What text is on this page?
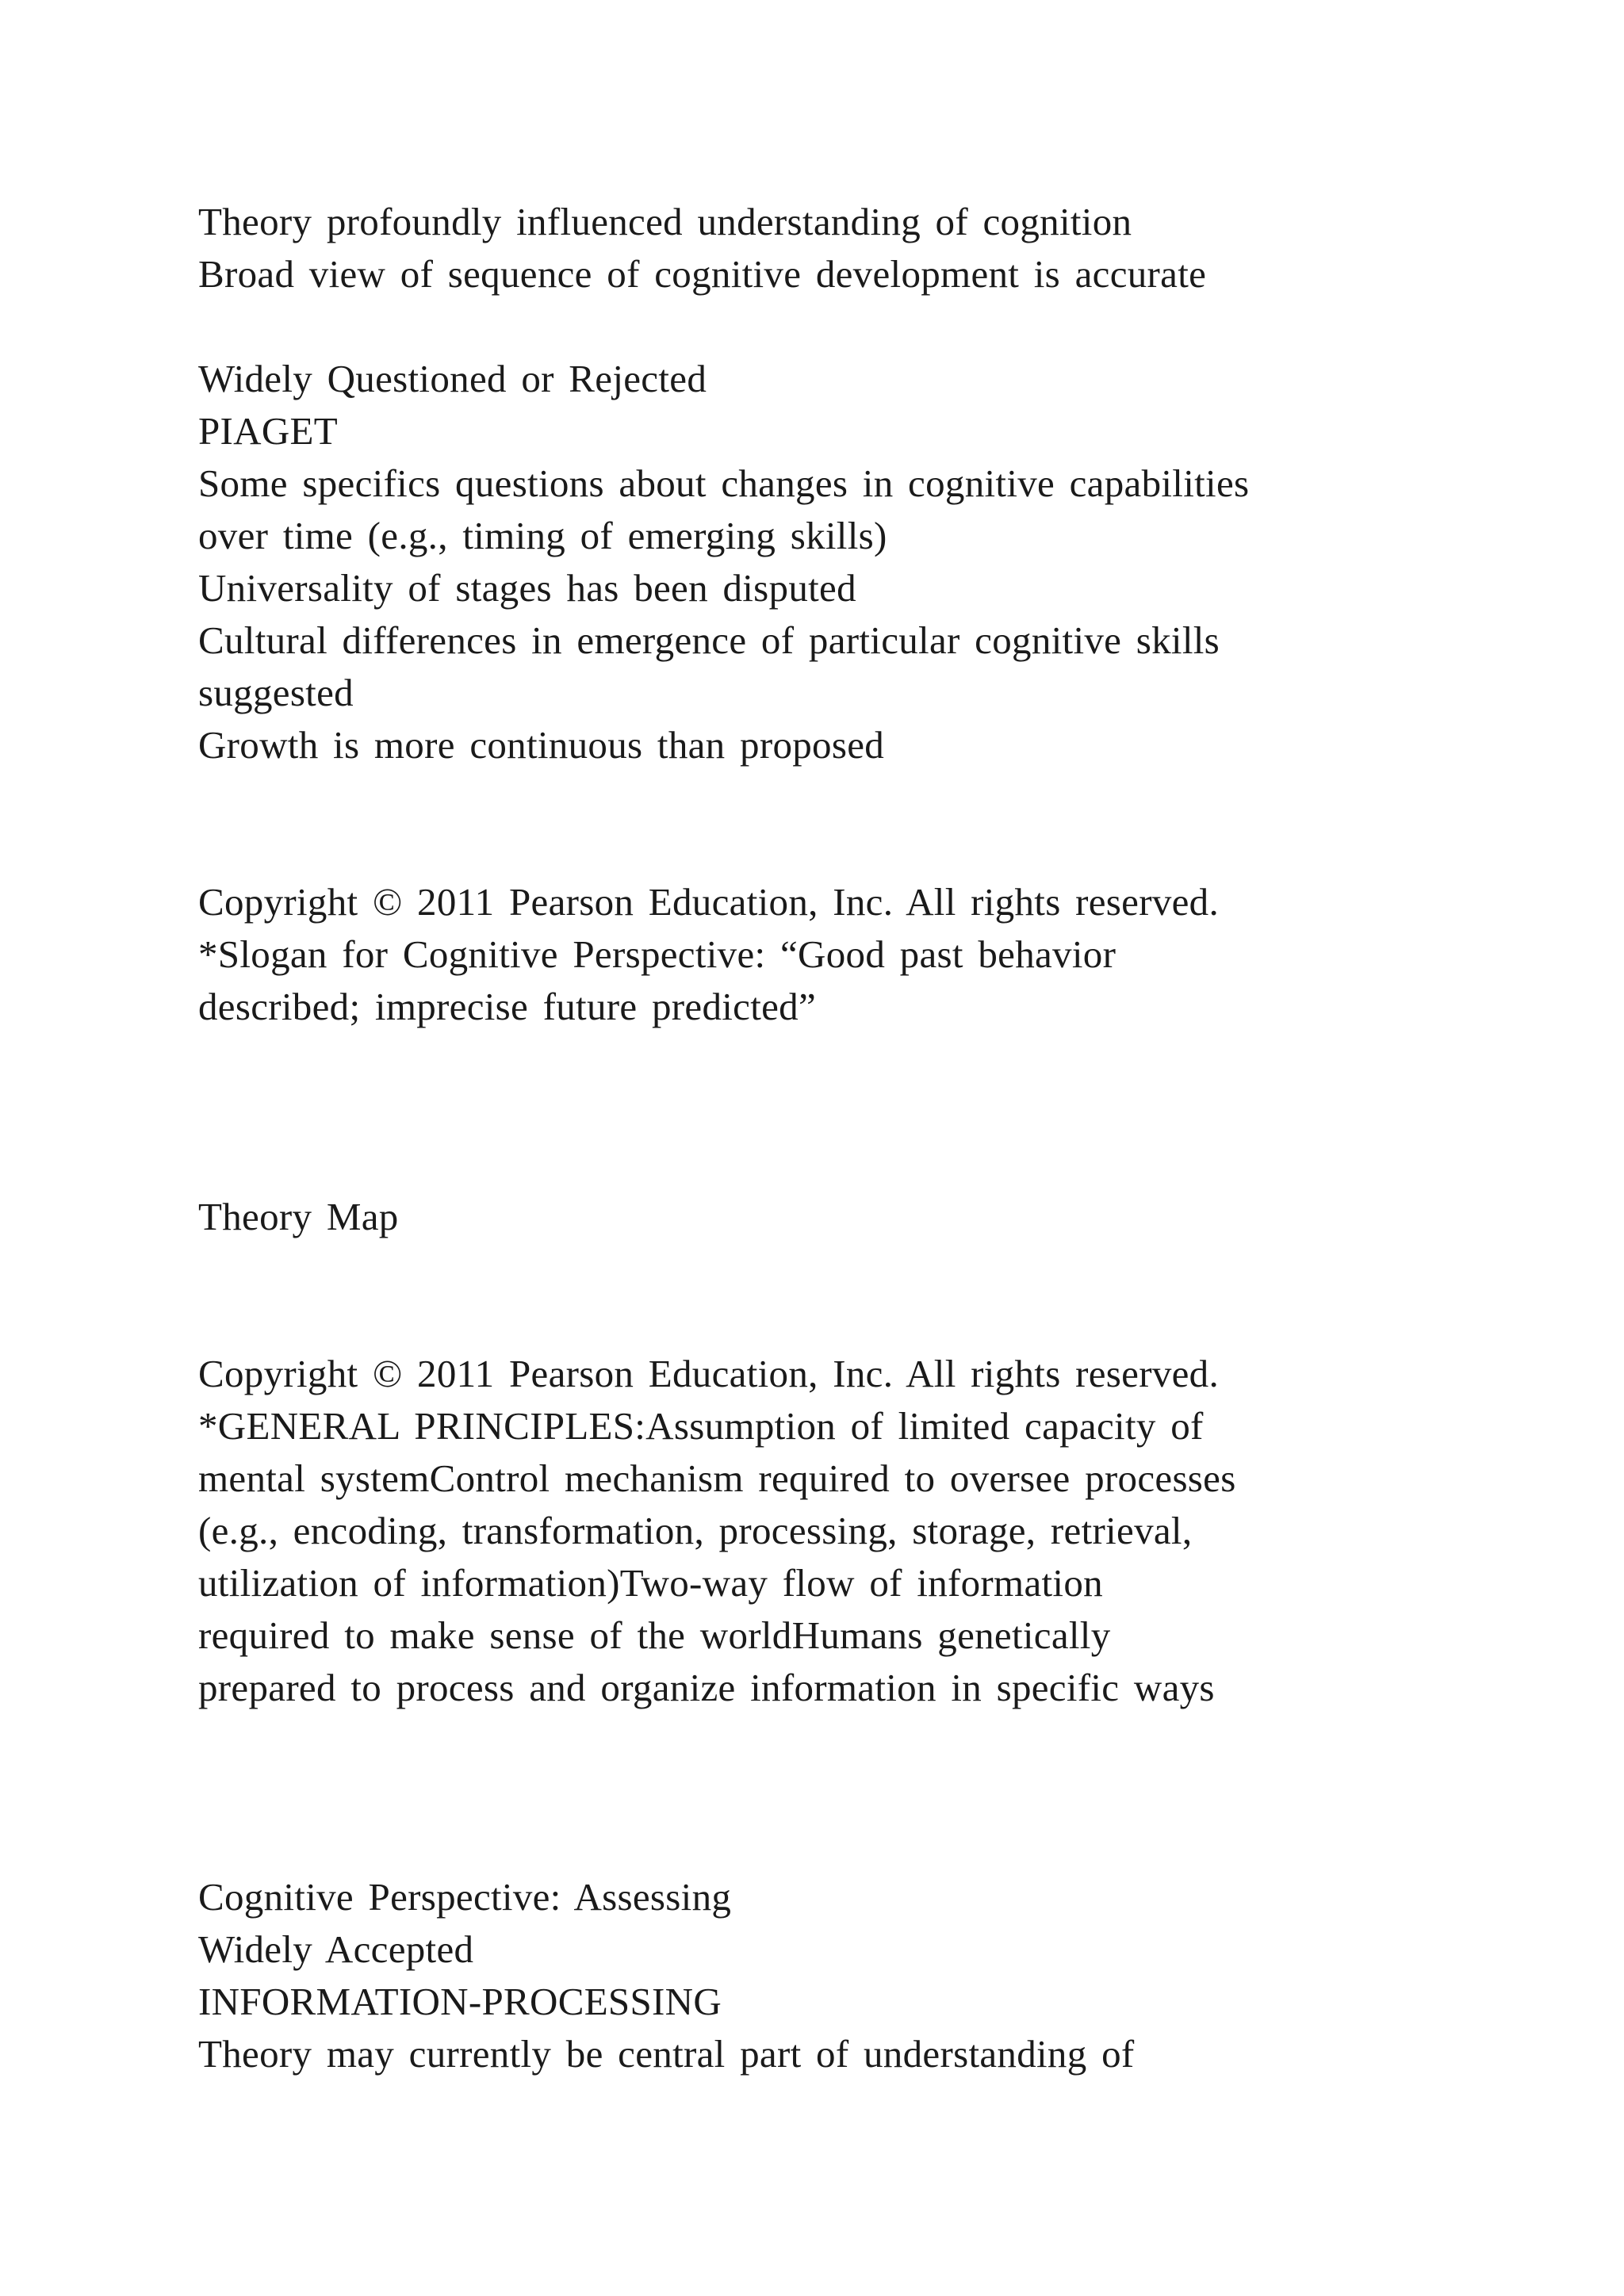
Theory profoundly influenced understanding of cognition
Broad view of sequence of cognitive development is accurate
Widely Questioned or Rejected
PIAGET
Some specifics questions about changes in cognitive capabilities
over time (e.g., timing of emerging skills)
Universality of stages has been disputed
Cultural differences in emergence of particular cognitive skills
suggested
Growth is more continuous than proposed
Copyright © 2011 Pearson Education, Inc. All rights reserved.
*Slogan for Cognitive Perspective: “Good past behavior
described; imprecise future predicted”
Theory Map
Copyright © 2011 Pearson Education, Inc. All rights reserved.
*GENERAL PRINCIPLES:Assumption of limited capacity of
mental systemControl mechanism required to oversee processes
(e.g., encoding, transformation, processing, storage, retrieval,
utilization of information)Two-way flow of information
required to make sense of the worldHumans genetically
prepared to process and organize information in specific ways
Cognitive Perspective: Assessing
Widely Accepted
INFORMATION-PROCESSING
Theory may currently be central part of understanding of
